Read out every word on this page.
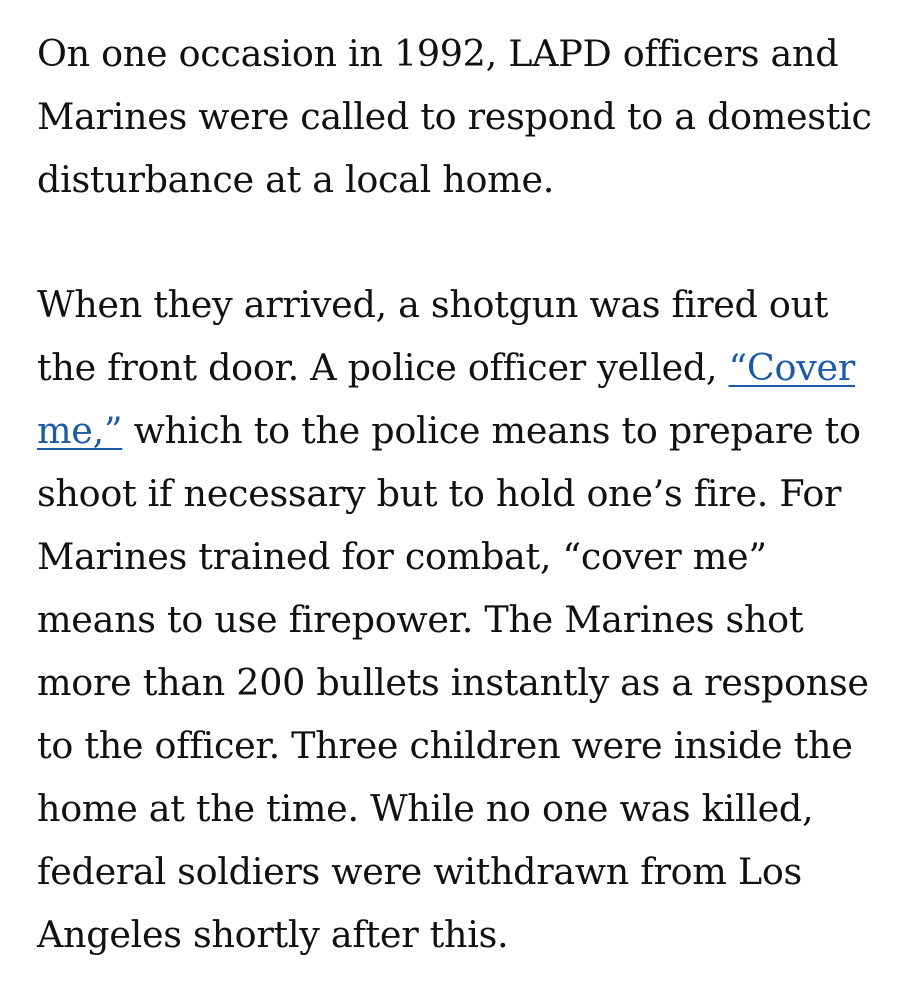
On one occasion in 1992, LAPD officers and
Marines were called to respond to a domestic
disturbance at a local home.

When they arrived, a shotgun was fired out
the front door. A police officer yelled, “Cover
me,” which to the police means to prepare to
shoot if necessary but to hold one’s fire. For
Marines trained for combat, “cover me”
means to use firepower. The Marines shot
more than 200 bullets instantly as a response
to the officer. Three children were inside the
home at the time. While no one was killed,
federal soldiers were withdrawn from Los
Angeles shortly after this.
